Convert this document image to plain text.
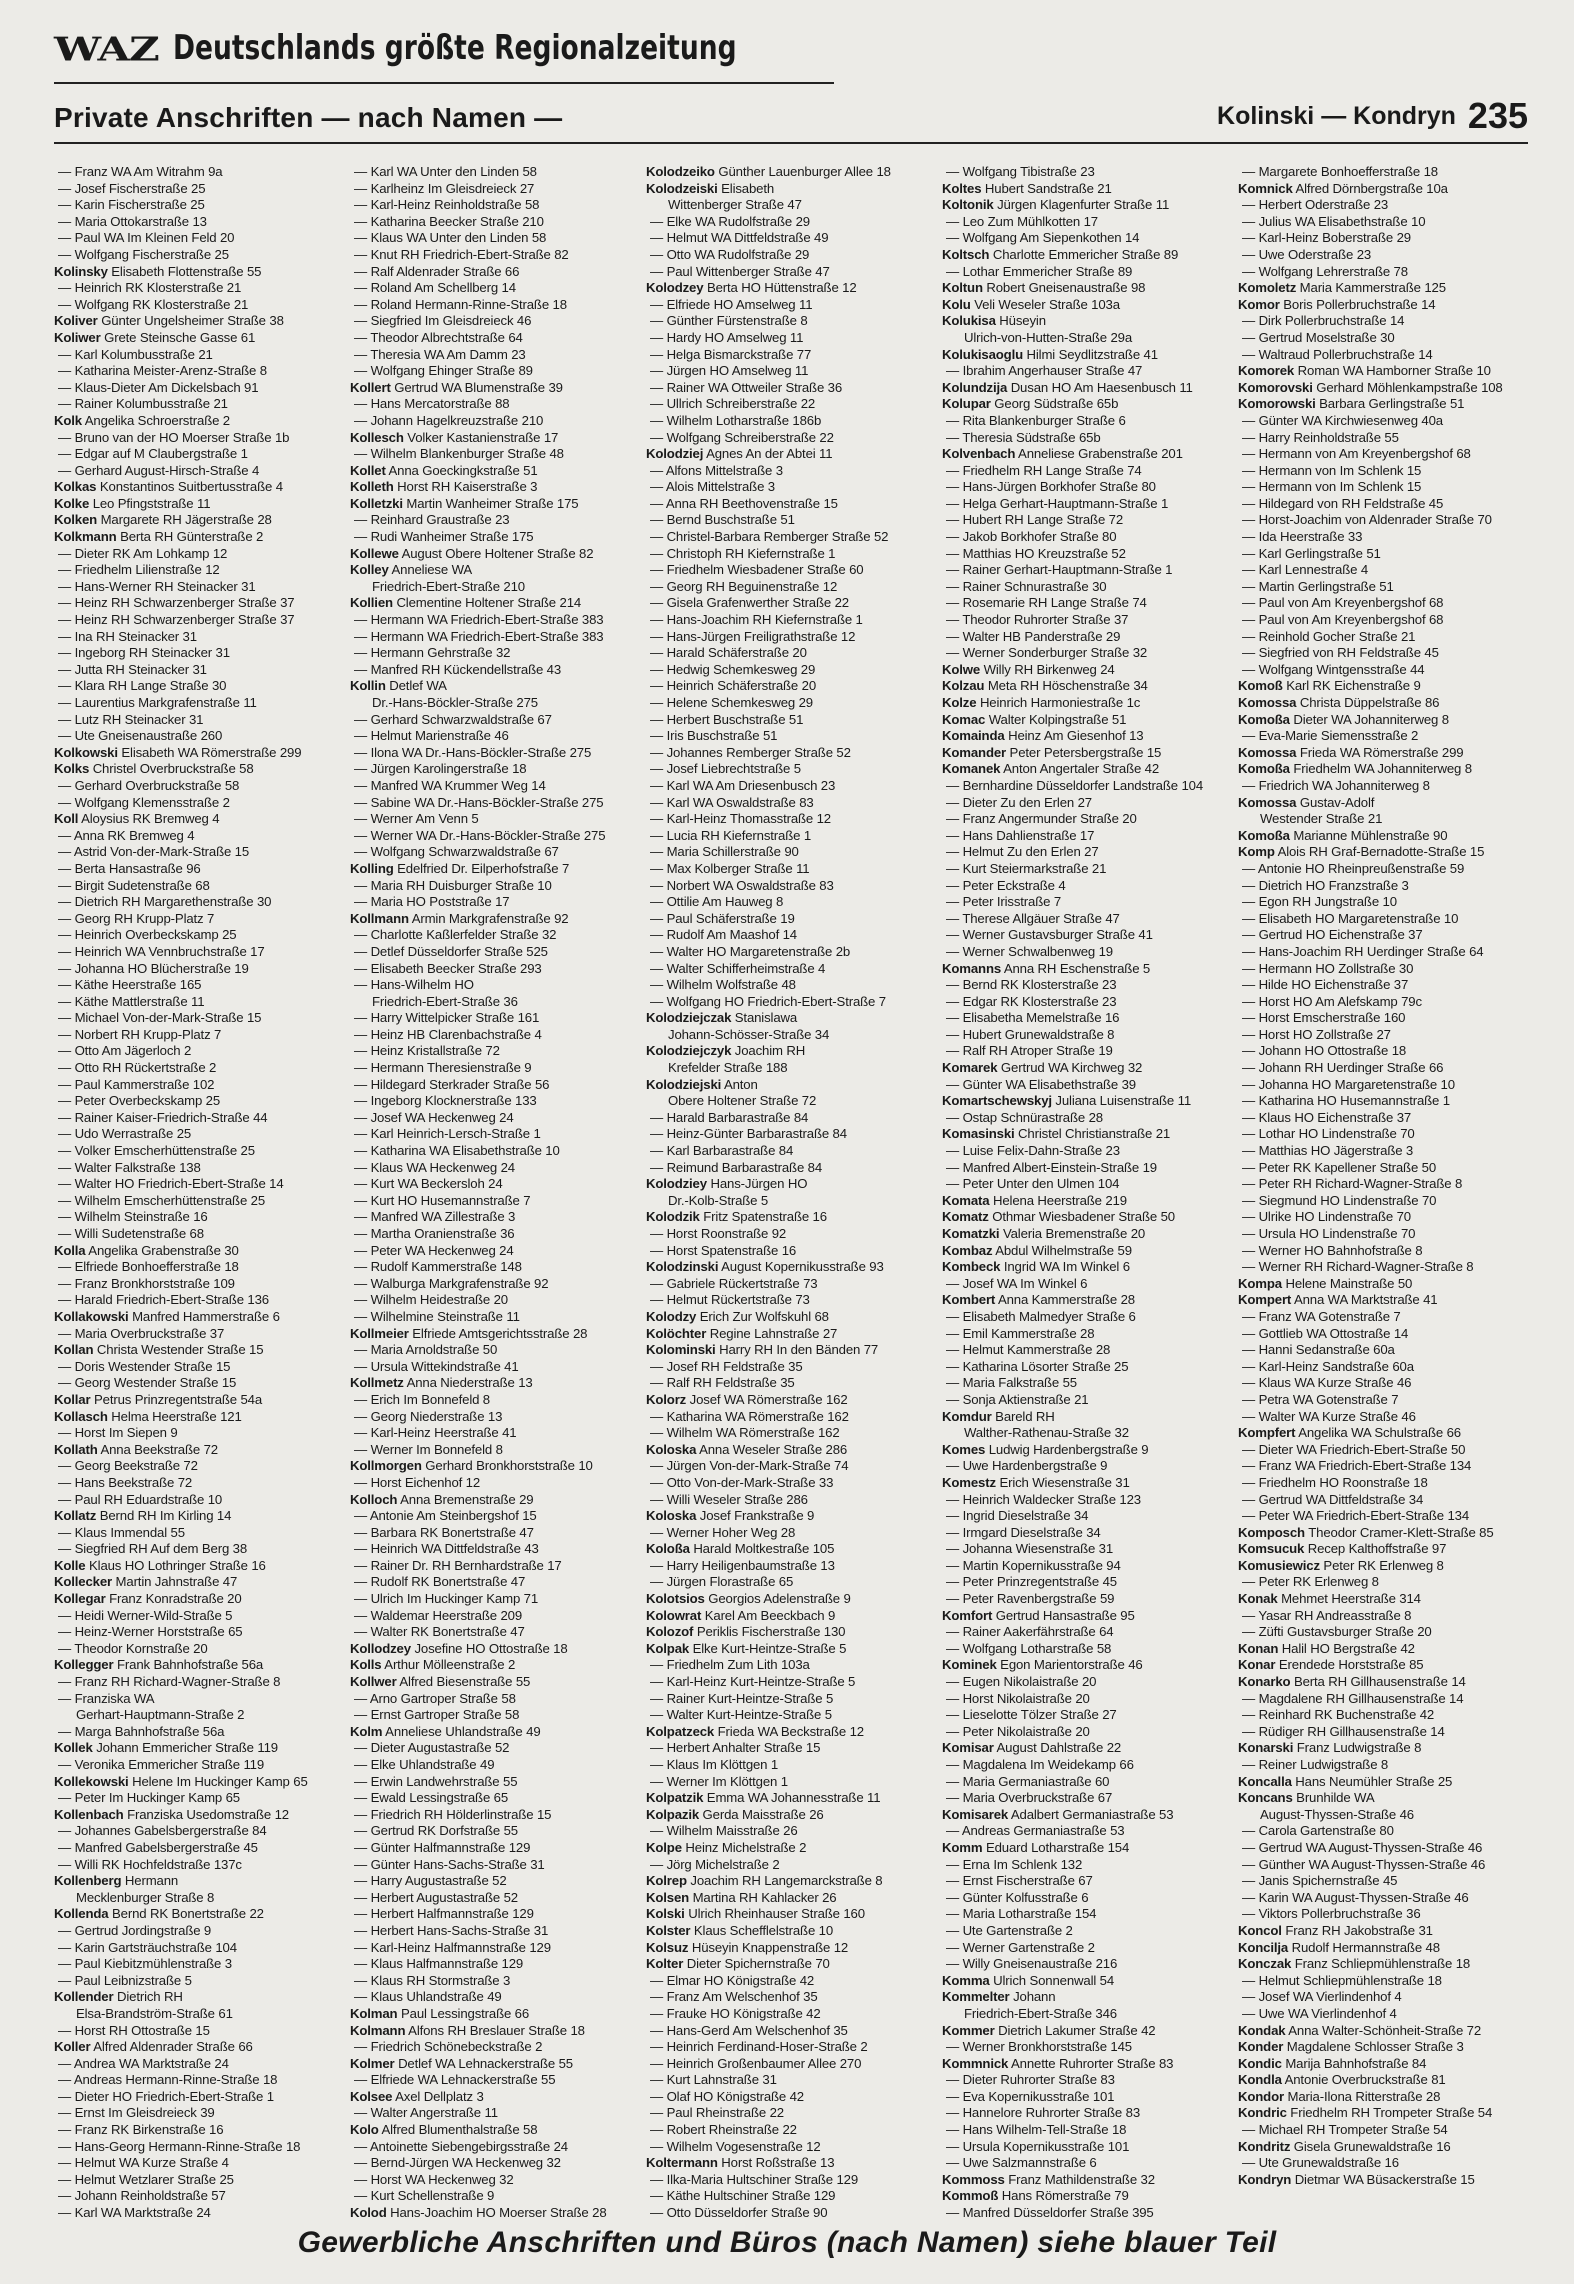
WAZ Deutschlands größte Regionalzeitung
Private Anschriften — nach Namen —	Kolinski — Kondryn 235
— Franz WA Am Witrahm 9a
— Josef Fischerstraße 25
— Karin Fischerstraße 25
— Maria Ottokarstraße 13
— Paul WA Im Kleinen Feld 20
— Wolfgang Fischerstraße 25
Kolinsky Elisabeth Flottenstraße 55
— Heinrich RK Klosterstraße 21
— Wolfgang RK Klosterstraße 21
Koliver Günter Ungelsheimer Straße 38
Koliwer Grete Steinsche Gasse 61
— Karl Kolumbusstraße 21
— Katharina Meister-Arenz-Straße 8
— Klaus-Dieter Am Dickelsbach 91
— Rainer Kolumbusstraße 21
Kolk Angelika Schroerstraße 2
— Bruno van der HO Moerser Straße 1b
— Edgar auf M Claubergstraße 1
— Gerhard August-Hirsch-Straße 4
Kolkas Konstantinos Suitbertusstraße 4
Kolke Leo Pfingststraße 11
Kolken Margarete RH Jägerstraße 28
Kolkmann Berta RH Günterstraße 2
— Dieter RK Am Lohkamp 12
— Friedhelm Lilienstraße 12
— Hans-Werner RH Steinacker 31
— Heinz RH Schwarzenberger Straße 37
— Heinz RH Schwarzenberger Straße 37
— Ina RH Steinacker 31
— Ingeborg RH Steinacker 31
— Jutta RH Steinacker 31
— Klara RH Lange Straße 30
— Laurentius Markgrafenstraße 11
— Lutz RH Steinacker 31
— Ute Gneisenaustraße 260
Kolkowski Elisabeth WA Römerstraße 299
Kolks Christel Overbruckstraße 58
— Gerhard Overbruckstraße 58
— Wolfgang Klemensstraße 2
Koll Aloysius RK Bremweg 4
— Anna RK Bremweg 4
— Astrid Von-der-Mark-Straße 15
— Berta Hansastraße 96
— Birgit Sudetenstraße 68
— Dietrich RH Margarethenstraße 30
— Georg RH Krupp-Platz 7
— Heinrich Overbeckskamp 25
— Heinrich WA Vennbruchstraße 17
— Johanna HO Blücherstraße 19
— Käthe Heerstraße 165
— Käthe Mattlerstraße 11
— Michael Von-der-Mark-Straße 15
— Norbert RH Krupp-Platz 7
— Otto Am Jägerloch 2
— Otto RH Rückertstraße 2
— Paul Kammerstraße 102
— Peter Overbeckskamp 25
— Rainer Kaiser-Friedrich-Straße 44
— Udo Werrastraße 25
— Volker Emscherhüttenstraße 25
— Walter Falkstraße 138
— Walter HO Friedrich-Ebert-Straße 14
— Wilhelm Emscherhüttenstraße 25
— Wilhelm Steinstraße 16
— Willi Sudetenstraße 68
Kolla Angelika Grabenstraße 30
— Elfriede Bonhoefferstraße 18
— Franz Bronkhorststraße 109
— Harald Friedrich-Ebert-Straße 136
Kollakowski Manfred Hammerstraße 6
— Maria Overbruckstraße 37
Kollan Christa Westender Straße 15
— Doris Westender Straße 15
— Georg Westender Straße 15
Kollar Petrus Prinzregentstraße 54a
Kollasch Helma Heerstraße 121
— Horst Im Siepen 9
Kollath Anna Beekstraße 72
— Georg Beekstraße 72
— Hans Beekstraße 72
— Paul RH Eduardstraße 10
Kollatz Bernd RH Im Kirling 14
— Klaus Immendal 55
— Siegfried RH Auf dem Berg 38
Kolle Klaus HO Lothringer Straße 16
Kollecker Martin Jahnstraße 47
Kollegar Franz Konradstraße 20
— Heidi Werner-Wild-Straße 5
— Heinz-Werner Horststraße 65
— Theodor Kornstraße 20
Kollegger Frank Bahnhofstraße 56a
— Franz RH Richard-Wagner-Straße 8
— Franziska WA
Gerhart-Hauptmann-Straße 2
— Marga Bahnhofstraße 56a
Kollek Johann Emmericher Straße 119
— Veronika Emmericher Straße 119
Kollekowski Helene Im Huckinger Kamp 65
— Peter Im Huckinger Kamp 65
Kollenbach Franziska Usedomstraße 12
— Johannes Gabelsbergerstraße 84
— Manfred Gabelsbergerstraße 45
— Willi RK Hochfeldstraße 137c
Kollenberg Hermann
Mecklenburger Straße 8
Kollenda Bernd RK Bonertstraße 22
— Gertrud Jordingstraße 9
— Karin Gartsträuchstraße 104
— Paul Kiebitzmühlenstraße 3
— Paul Leibnizstraße 5
Kollender Dietrich RH
Elsa-Brandström-Straße 61
— Horst RH Ottostraße 15
Koller Alfred Aldenrader Straße 66
— Andrea WA Marktstraße 24
— Andreas Hermann-Rinne-Straße 18
— Dieter HO Friedrich-Ebert-Straße 1
— Ernst Im Gleisdreieck 39
— Franz RK Birkenstraße 16
— Hans-Georg Hermann-Rinne-Straße 18
— Helmut WA Kurze Straße 4
— Helmut Wetzlarer Straße 25
— Johann Reinholdstraße 57
— Karl WA Marktstraße 24
— Karl WA Unter den Linden 58
— Karlheinz Im Gleisdreieck 27
— Karl-Heinz Reinholdstraße 58
— Katharina Beecker Straße 210
— Klaus WA Unter den Linden 58
— Knut RH Friedrich-Ebert-Straße 82
— Ralf Aldenrader Straße 66
— Roland Am Schellberg 14
— Roland Hermann-Rinne-Straße 18
— Siegfried Im Gleisdreieck 46
— Theodor Albrechtstraße 64
— Theresia WA Am Damm 23
— Wolfgang Ehinger Straße 89
Kollert Gertrud WA Blumenstraße 39
— Hans Mercatorstraße 88
— Johann Hagelkreuzstraße 210
Kollesch Volker Kastanienstraße 17
— Wilhelm Blankenburger Straße 48
Kollet Anna Goeckingkstraße 51
Kolleth Horst RH Kaiserstraße 3
Kolletzki Martin Wanheimer Straße 175
— Reinhard Graustraße 23
— Rudi Wanheimer Straße 175
Kollewe August Obere Holtener Straße 82
Kolley Anneliese WA
Friedrich-Ebert-Straße 210
Kollien Clementine Holtener Straße 214
— Hermann WA Friedrich-Ebert-Straße 383
— Hermann WA Friedrich-Ebert-Straße 383
— Hermann Gehrstraße 32
— Manfred RH Kückendellstraße 43
Kollin Detlef WA
Dr.-Hans-Böckler-Straße 275
— Gerhard Schwarzwaldstraße 67
— Helmut Marienstraße 46
— Ilona WA Dr.-Hans-Böckler-Straße 275
— Jürgen Karolingerstraße 18
— Manfred WA Krummer Weg 14
— Sabine WA Dr.-Hans-Böckler-Straße 275
— Werner Am Venn 5
— Werner WA Dr.-Hans-Böckler-Straße 275
— Wolfgang Schwarzwaldstraße 67
Kolling Edelfried Dr. Eilperhofstraße 7
— Maria RH Duisburger Straße 10
— Maria HO Poststraße 17
Kollmann Armin Markgrafenstraße 92
— Charlotte Kaßlerfelder Straße 32
— Detlef Düsseldorfer Straße 525
— Elisabeth Beecker Straße 293
— Hans-Wilhelm HO
Friedrich-Ebert-Straße 36
— Harry Wittelpicker Straße 161
— Heinz HB Clarenbachstraße 4
— Heinz Kristallstraße 72
— Hermann Theresienstraße 9
— Hildegard Sterkrader Straße 56
— Ingeborg Klocknerstraße 133
— Josef WA Heckenweg 24
— Karl Heinrich-Lersch-Straße 1
— Katharina WA Elisabethstraße 10
— Klaus WA Heckenweg 24
— Kurt WA Beckersloh 24
— Kurt HO Husemannstraße 7
— Manfred WA Zillestraße 3
— Martha Oranienstraße 36
— Peter WA Heckenweg 24
— Rudolf Kammerstraße 148
— Walburga Markgrafenstraße 92
— Wilhelm Heidestraße 20
— Wilhelmine Steinstraße 11
Kollmeier Elfriede Amtsgerichtsstraße 28
— Maria Arnoldstraße 50
— Ursula Wittekindstraße 41
Kollmetz Anna Niederstraße 13
— Erich Im Bonnefeld 8
— Georg Niederstraße 13
— Karl-Heinz Heerstraße 41
— Werner Im Bonnefeld 8
Kollmorgen Gerhard Bronkhorststraße 10
— Horst Eichenhof 12
Kolloch Anna Bremenstraße 29
— Antonie Am Steinbergshof 15
— Barbara RK Bonertstraße 47
— Heinrich WA Dittfeldstraße 43
— Rainer Dr. RH Bernhardstraße 17
— Rudolf RK Bonertstraße 47
— Ulrich Im Huckinger Kamp 71
— Waldemar Heerstraße 209
— Walter RK Bonertstraße 47
Kollodzey Josefine HO Ottostraße 18
Kolls Arthur Mölleenstraße 2
Kollwer Alfred Biesenstraße 55
— Arno Gartroper Straße 58
— Ernst Gartroper Straße 58
Kolm Anneliese Uhlandstraße 49
— Dieter Augustastraße 52
— Elke Uhlandstraße 49
— Erwin Landwehrstraße 55
— Ewald Lessingstraße 65
— Friedrich RH Hölderlinstraße 15
— Gertrud RK Dorfstraße 55
— Günter Halfmannstraße 129
— Günter Hans-Sachs-Straße 31
— Harry Augustastraße 52
— Herbert Augustastraße 52
— Herbert Halfmannstraße 129
— Herbert Hans-Sachs-Straße 31
— Karl-Heinz Halfmannstraße 129
— Klaus Halfmannstraße 129
— Klaus RH Stormstraße 3
— Klaus Uhlandstraße 49
Kolman Paul Lessingstraße 66
Kolmann Alfons RH Breslauer Straße 18
— Friedrich Schönebeckstraße 2
Kolmer Detlef WA Lehnackerstraße 55
— Elfriede WA Lehnackerstraße 55
Kolsee Axel Dellplatz 3
— Walter Angerstraße 11
Kolo Alfred Blumenthalstraße 58
— Antoinette Siebengebirgsstraße 24
— Bernd-Jürgen WA Heckenweg 32
— Horst WA Heckenweg 32
— Kurt Schellenstraße 9
Kolod Hans-Joachim HO Moerser Straße 28
Kolodzeiko Günther Lauenburger Allee 18
Kolodzeiski Elisabeth
Wittenberger Straße 47
— Elke WA Rudolfstraße 29
— Helmut WA Dittfeldstraße 49
— Otto WA Rudolfstraße 29
— Paul Wittenberger Straße 47
Kolodzey Berta HO Hüttenstraße 12
— Elfriede HO Amselweg 11
— Günther Fürstenstraße 8
— Hardy HO Amselweg 11
— Helga Bismarckstraße 77
— Jürgen HO Amselweg 11
— Rainer WA Ottweiler Straße 36
— Ullrich Schreiberstraße 22
— Wilhelm Lotharstraße 186b
— Wolfgang Schreiberstraße 22
Kolodziej Agnes An der Abtei 11
— Alfons Mittelstraße 3
— Alois Mittelstraße 3
— Anna RH Beethovenstraße 15
— Bernd Buschstraße 51
— Christel-Barbara Remberger Straße 52
— Christoph RH Kiefernstraße 1
— Friedhelm Wiesbadener Straße 60
— Georg RH Beguinenstraße 12
— Gisela Grafenwerther Straße 22
— Hans-Joachim RH Kiefernstraße 1
— Hans-Jürgen Freiligrathstraße 12
— Harald Schäferstraße 20
— Hedwig Schemkesweg 29
— Heinrich Schäferstraße 20
— Helene Schemkesweg 29
— Herbert Buschstraße 51
— Iris Buschstraße 51
— Johannes Remberger Straße 52
— Josef Liebrechtstraße 5
— Karl WA Am Driesenbusch 23
— Karl WA Oswaldstraße 83
— Karl-Heinz Thomasstraße 12
— Lucia RH Kiefernstraße 1
— Maria Schillerstraße 90
— Max Kolberger Straße 11
— Norbert WA Oswaldstraße 83
— Ottilie Am Hauweg 8
— Paul Schäferstraße 19
— Rudolf Am Maashof 14
— Walter HO Margaretenstraße 2b
— Walter Schifferheimstraße 4
— Wilhelm Wolfstraße 48
— Wolfgang HO Friedrich-Ebert-Straße 7
Kolodziejczak Stanislawa
Johann-Schösser-Straße 34
Kolodziejczyk Joachim RH
Krefelder Straße 188
Kolodziejski Anton
Obere Holtener Straße 72
— Harald Barbarastraße 84
— Heinz-Günter Barbarastraße 84
— Karl Barbarastraße 84
— Reimund Barbarastraße 84
Kolodziey Hans-Jürgen HO
Dr.-Kolb-Straße 5
Kolodzik Fritz Spatenstraße 16
— Horst Roonstraße 92
— Horst Spatenstraße 16
Kolodzinski August Kopernikusstraße 93
— Gabriele Rückertstraße 73
— Helmut Rückertstraße 73
Kolodzy Erich Zur Wolfskuhl 68
Kolöchter Regine Lahnstraße 27
Kolominski Harry RH In den Bänden 77
— Josef RH Feldstraße 35
— Ralf RH Feldstraße 35
Kolorz Josef WA Römerstraße 162
— Katharina WA Römerstraße 162
— Wilhelm WA Römerstraße 162
Koloska Anna Weseler Straße 286
— Jürgen Von-der-Mark-Straße 74
— Otto Von-der-Mark-Straße 33
— Willi Weseler Straße 286
Koloska Josef Frankstraße 9
— Werner Hoher Weg 28
Koloßa Harald Moltkestraße 105
— Harry Heiligenbaumstraße 13
— Jürgen Florastraße 65
Kolotsios Georgios Adelenstraße 9
Kolowrat Karel Am Beeckbach 9
Kolozof Periklis Fischerstraße 130
Kolpak Elke Kurt-Heintze-Straße 5
— Friedhelm Zum Lith 103a
— Karl-Heinz Kurt-Heintze-Straße 5
— Rainer Kurt-Heintze-Straße 5
— Walter Kurt-Heintze-Straße 5
Kolpatzeck Frieda WA Beckstraße 12
— Herbert Anhalter Straße 15
— Klaus Im Klöttgen 1
— Werner Im Klöttgen 1
Kolpatzik Emma WA Johannesstraße 11
Kolpazik Gerda Maisstraße 26
— Wilhelm Maisstraße 26
Kolpe Heinz Michelstraße 2
— Jörg Michelstraße 2
Kolrep Joachim RH Langemarckstraße 8
Kolsen Martina RH Kahlacker 26
Kolski Ulrich Rheinhauser Straße 160
Kolster Klaus Schefflelstraße 10
Kolsuz Hüseyin Knappenstraße 12
Kolter Dieter Spichernstraße 70
— Elmar HO Königstraße 42
— Franz Am Welschenhof 35
— Frauke HO Königstraße 42
— Hans-Gerd Am Welschenhof 35
— Heinrich Ferdinand-Hoser-Straße 2
— Heinrich Großenbaumer Allee 270
— Kurt Lahnstraße 31
— Olaf HO Königstraße 42
— Paul Rheinstraße 22
— Robert Rheinstraße 22
— Wilhelm Vogesenstraße 12
Koltermann Horst Roßstraße 13
— Ilka-Maria Hultschiner Straße 129
— Käthe Hultschiner Straße 129
— Otto Düsseldorfer Straße 90
— Wolfgang Tibistraße 23
Koltes Hubert Sandstraße 21
Koltonik Jürgen Klagenfurter Straße 11
— Leo Zum Mühlkotten 17
— Wolfgang Am Siepenkothen 14
Koltsch Charlotte Emmericher Straße 89
— Lothar Emmericher Straße 89
Koltun Robert Gneisenaustraße 98
Kolu Veli Weseler Straße 103a
Kolukisa Hüseyin
Ulrich-von-Hutten-Straße 29a
Kolukisaoglu Hilmi Seydlitzstraße 41
— Ibrahim Angerhauser Straße 47
Kolundzija Dusan HO Am Haesenbusch 11
Kolupar Georg Südstraße 65b
— Rita Blankenburger Straße 6
— Theresia Südstraße 65b
Kolvenbach Anneliese Grabenstraße 201
— Friedhelm RH Lange Straße 74
— Hans-Jürgen Borkhofer Straße 80
— Helga Gerhart-Hauptmann-Straße 1
— Hubert RH Lange Straße 72
— Jakob Borkhofer Straße 80
— Matthias HO Kreuzstraße 52
— Rainer Gerhart-Hauptmann-Straße 1
— Rainer Schnurastraße 30
— Rosemarie RH Lange Straße 74
— Theodor Ruhrorter Straße 37
— Walter HB Panderstraße 29
— Werner Sonderburger Straße 32
Kolwe Willy RH Birkenweg 24
Kolzau Meta RH Höschenstraße 34
Kolze Heinrich Harmoniestraße 1c
Komac Walter Kolpingstraße 51
Komainda Heinz Am Giesenhof 13
Komander Peter Petersbergstraße 15
Komanek Anton Angertaler Straße 42
— Bernhardine Düsseldorfer Landstraße 104
— Dieter Zu den Erlen 27
— Franz Angermunder Straße 20
— Hans Dahlienstraße 17
— Helmut Zu den Erlen 27
— Kurt Steiermarkstraße 21
— Peter Eckstraße 4
— Peter Irisstraße 7
— Therese Allgäuer Straße 47
— Werner Gustavsburger Straße 41
— Werner Schwalbenweg 19
Komanns Anna RH Eschenstraße 5
— Bernd RK Klosterstraße 23
— Edgar RK Klosterstraße 23
— Elisabetha Memelstraße 16
— Hubert Grunewaldstraße 8
— Ralf RH Atroper Straße 19
Komarek Gertrud WA Kirchweg 32
— Günter WA Elisabethstraße 39
Komartschewskyj Juliana Luisenstraße 11
— Ostap Schnürastraße 28
Komasinski Christel Christianstraße 21
— Luise Felix-Dahn-Straße 23
— Manfred Albert-Einstein-Straße 19
— Peter Unter den Ulmen 104
Komata Helena Heerstraße 219
Komatz Othmar Wiesbadener Straße 50
Komatzki Valeria Bremenstraße 20
Kombaz Abdul Wilhelmstraße 59
Kombeck Ingrid WA Im Winkel 6
— Josef WA Im Winkel 6
Kombert Anna Kammerstraße 28
— Elisabeth Malmedyer Straße 6
— Emil Kammerstraße 28
— Helmut Kammerstraße 28
— Katharina Lösorter Straße 25
— Maria Falkstraße 55
— Sonja Aktienstraße 21
Komdur Bareld RH
Walther-Rathenau-Straße 32
Komes Ludwig Hardenbergstraße 9
— Uwe Hardenbergstraße 9
Komestz Erich Wiesenstraße 31
— Heinrich Waldecker Straße 123
— Ingrid Dieselstraße 34
— Irmgard Dieselstraße 34
— Johanna Wiesenstraße 31
— Martin Kopernikusstraße 94
— Peter Prinzregentstraße 45
— Peter Ravenbergstraße 59
Komfort Gertrud Hansastraße 95
— Rainer Aakerfährstraße 64
— Wolfgang Lotharstraße 58
Kominek Egon Marientorstraße 46
— Eugen Nikolaistraße 20
— Horst Nikolaistraße 20
— Lieselotte Tölzer Straße 27
— Peter Nikolaistraße 20
Komisar August Dahlstraße 22
— Magdalena Im Weidekamp 66
— Maria Germaniastraße 60
— Maria Overbruckstraße 67
Komisarek Adalbert Germaniastraße 53
— Andreas Germaniastraße 53
Komm Eduard Lotharstraße 154
— Erna Im Schlenk 132
— Ernst Fischerstraße 67
— Günter Kolfusstraße 6
— Maria Lotharstraße 154
— Ute Gartenstraße 2
— Werner Gartenstraße 2
— Willy Gneisenaustraße 216
Komma Ulrich Sonnenwall 54
Kommelter Johann
Friedrich-Ebert-Straße 346
Kommer Dietrich Lakumer Straße 42
— Werner Bronkhorststraße 145
Kommnick Annette Ruhrorter Straße 83
— Dieter Ruhrorter Straße 83
— Eva Kopernikusstraße 101
— Hannelore Ruhrorter Straße 83
— Hans Wilhelm-Tell-Straße 18
— Ursula Kopernikusstraße 101
— Uwe Salzmannstraße 6
Kommoss Franz Mathildenstraße 32
Kommoß Hans Römerstraße 79
— Manfred Düsseldorfer Straße 395
— Margarete Bonhoefferstraße 18
Komnick Alfred Dörnbergstraße 10a
— Herbert Oderstraße 23
— Julius WA Elisabethstraße 10
— Karl-Heinz Boberstraße 29
— Uwe Oderstraße 23
— Wolfgang Lehrerstraße 78
Komoletz Maria Kammerstraße 125
Komor Boris Pollerbruchstraße 14
— Dirk Pollerbruchstraße 14
— Gertrud Moselstraße 30
— Waltraud Pollerbruchstraße 14
Komorek Roman WA Hamborner Straße 10
Komorovski Gerhard Möhlenkampstraße 108
Komorowski Barbara Gerlingstraße 51
— Günter WA Kirchwiesenweg 40a
— Harry Reinholdstraße 55
— Hermann von Am Kreyenbergshof 68
— Hermann von Im Schlenk 15
— Hermann von Im Schlenk 15
— Hildegard von RH Feldstraße 45
— Horst-Joachim von Aldenrader Straße 70
— Ida Heerstraße 33
— Karl Gerlingstraße 51
— Karl Lennestraße 4
— Martin Gerlingstraße 51
— Paul von Am Kreyenbergshof 68
— Paul von Am Kreyenbergshof 68
— Reinhold Gocher Straße 21
— Siegfried von RH Feldstraße 45
— Wolfgang Wintgensstraße 44
Komoß Karl RK Eichenstraße 9
Komossa Christa Düppelstraße 86
Komoßa Dieter WA Johanniterweg 8
— Eva-Marie Siemensstraße 2
Komossa Frieda WA Römerstraße 299
Komoßa Friedhelm WA Johanniterweg 8
— Friedrich WA Johanniterweg 8
Komossa Gustav-Adolf
Westender Straße 21
Komoßa Marianne Mühlenstraße 90
Komp Alois RH Graf-Bernadotte-Straße 15
— Antonie HO Rheinpreußenstraße 59
— Dietrich HO Franzstraße 3
— Egon RH Jungstraße 10
— Elisabeth HO Margaretenstraße 10
— Gertrud HO Eichenstraße 37
— Hans-Joachim RH Uerdinger Straße 64
— Hermann HO Zollstraße 30
— Hilde HO Eichenstraße 37
— Horst HO Am Alefskamp 79c
— Horst Emscherstraße 160
— Horst HO Zollstraße 27
— Johann HO Ottostraße 18
— Johann RH Uerdinger Straße 66
— Johanna HO Margaretenstraße 10
— Katharina HO Husemannstraße 1
— Klaus HO Eichenstraße 37
— Lothar HO Lindenstraße 70
— Matthias HO Jägerstraße 3
— Peter RK Kapellener Straße 50
— Peter RH Richard-Wagner-Straße 8
— Siegmund HO Lindenstraße 70
— Ulrike HO Lindenstraße 70
— Ursula HO Lindenstraße 70
— Werner HO Bahnhofstraße 8
— Werner RH Richard-Wagner-Straße 8
Kompa Helene Mainstraße 50
Kompert Anna WA Marktstraße 41
— Franz WA Gotenstraße 7
— Gottlieb WA Ottostraße 14
— Hanni Sedanstraße 60a
— Karl-Heinz Sandstraße 60a
— Klaus WA Kurze Straße 46
— Petra WA Gotenstraße 7
— Walter WA Kurze Straße 46
Kompfert Angelika WA Schulstraße 66
— Dieter WA Friedrich-Ebert-Straße 50
— Franz WA Friedrich-Ebert-Straße 134
— Friedhelm HO Roonstraße 18
— Gertrud WA Dittfeldstraße 34
— Peter WA Friedrich-Ebert-Straße 134
Komposch Theodor Cramer-Klett-Straße 85
Komsucuk Recep Kalthoffstraße 97
Komusiewicz Peter RK Erlenweg 8
— Peter RK Erlenweg 8
Konak Mehmet Heerstraße 314
— Yasar RH Andreasstraße 8
— Züfti Gustavsburger Straße 20
Konan Halil HO Bergstraße 42
Konar Erendede Horststraße 85
Konarko Berta RH Gillhausenstraße 14
— Magdalene RH Gillhausenstraße 14
— Reinhard RK Buchenstraße 42
— Rüdiger RH Gillhausenstraße 14
Konarski Franz Ludwigstraße 8
— Reiner Ludwigstraße 8
Koncalla Hans Neumühler Straße 25
Koncans Brunhilde WA
August-Thyssen-Straße 46
— Carola Gartenstraße 80
— Gertrud WA August-Thyssen-Straße 46
— Günther WA August-Thyssen-Straße 46
— Janis Spichernstraße 45
— Karin WA August-Thyssen-Straße 46
— Viktors Pollerbruchstraße 36
Koncol Franz RH Jakobstraße 31
Koncilja Rudolf Hermannstraße 48
Konczak Franz Schliepmühlenstraße 18
— Helmut Schliepmühlenstraße 18
— Josef WA Vierlindenhof 4
— Uwe WA Vierlindenhof 4
Kondak Anna Walter-Schönheit-Straße 72
Konder Magdalene Schlosser Straße 3
Kondic Marija Bahnhofstraße 84
Kondla Antonie Overbruckstraße 81
Kondor Maria-Ilona Ritterstraße 28
Kondric Friedhelm RH Trompeter Straße 54
— Michael RH Trompeter Straße 54
Kondritz Gisela Grunewaldstraße 16
— Ute Grunewaldstraße 16
Kondryn Dietmar WA Büsackerstraße 15
Gewerbliche Anschriften und Büros (nach Namen) siehe blauer Teil
